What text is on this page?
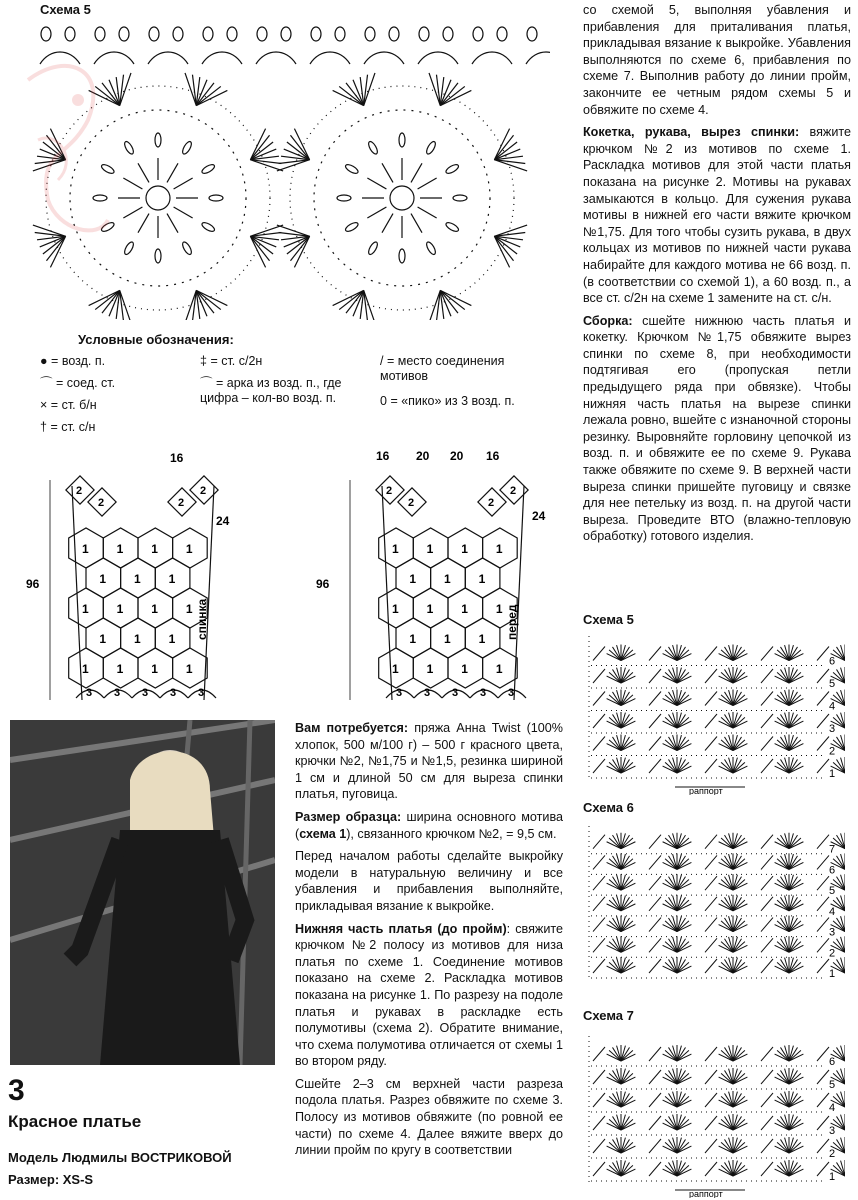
Схема 5
Условные обозначения:
● = возд. п.
⌒ = соед. ст.
× = ст. б/н
† = ст. с/н
‡ = ст. с/2н
⌒ = арка из возд. п., где цифра – кол-во возд. п.
/ = место соединения мотивов
0 = «пико» из 3 возд. п.
96
16
24
спинка
96
16 20 20 16
24
перед
1 1 1 1
1 1 1
1 1 1 1
1 1 1
1 1 1 1
3 3 3 3 3
2
2	2
2
1 1 1 1
1 1 1
1 1 1 1
1 1 1
1 1 1 1
3 3 3 3 3
2
2	2
2
3
Красное платье
Модель Людмилы ВОСТРИКОВОЙ
Размер: XS-S

Вам потребуется: пряжа Анна Twist (100% хлопок, 500 м/100 г) – 500 г красного цвета, крючки №2, №1,75 и №1,5, резинка шириной 1 см и длиной 50 см для выреза спинки платья, пуговица.

Размер образца: ширина основного мотива (схема 1), связанного крючком №2, = 9,5 см.

Перед началом работы сделайте выкройку модели в натуральную величину и все убавления и прибавления выполняйте, прикладывая вязание к выкройке.

Нижняя часть платья (до пройм): свяжите крючком №2 полосу из мотивов для низа платья по схеме 1. Соединение мотивов показано на схеме 2. Раскладка мотивов показана на рисунке 1. По разрезу на подоле платья и рукавах в раскладке есть полумотивы (схема 2). Обратите внимание, что схема полумотива отличается от схемы 1 во втором ряду.

Сшейте 2–3 см верхней части разреза подола платья. Разрез обвяжите по схеме 3. Полосу из мотивов обвяжите (по ровной ее части) по схеме 4. Далее вяжите вверх до линии пройм по кругу в соответствии

со схемой 5, выполняя убавления и прибавления для приталивания платья, прикладывая вязание к выкройке. Убавления выполняются по схеме 6, прибавления по схеме 7. Выполнив работу до линии пройм, закончите ее четным рядом схемы 5 и обвяжите по схеме 4.

Кокетка, рукава, вырез спинки: вяжите крючком №2 из мотивов по схеме 1. Раскладка мотивов для этой части платья показана на рисунке 2. Мотивы на рукавах замыкаются в кольцо. Для сужения рукава мотивы в нижней его части вяжите крючком №1,75. Для того чтобы сузить рукава, в двух кольцах из мотивов по нижней части рукава набирайте для каждого мотива не 66 возд. п. (в соответствии со схемой 1), а 60 возд. п., а все ст. с/2н на схеме 1 замените на ст. с/н.

Сборка: сшейте нижнюю часть платья и кокетку. Крючком №1,75 обвяжите вырез спинки по схеме 8, при необходимости подтягивая его (пропуская петли предыдущего ряда при обвязке). Чтобы нижняя часть платья на вырезе спинки лежала ровно, вшейте с изнаночной стороны резинку. Выровняйте горловину цепочкой из возд. п. и обвяжите ее по схеме 9. Рукава также обвяжите по схеме 9. В верхней части выреза спинки пришейте пуговицу и связке для нее петельку из возд. п. на другой части выреза. Проведите ВТО (влажно-тепловую обработку) готового изделия.

Схема 5
1
2
3
4
5
6
раппорт
Схема 6
1
2
3
4
5
6
7
Схема 7
1
2
3
4
5
6
раппорт
